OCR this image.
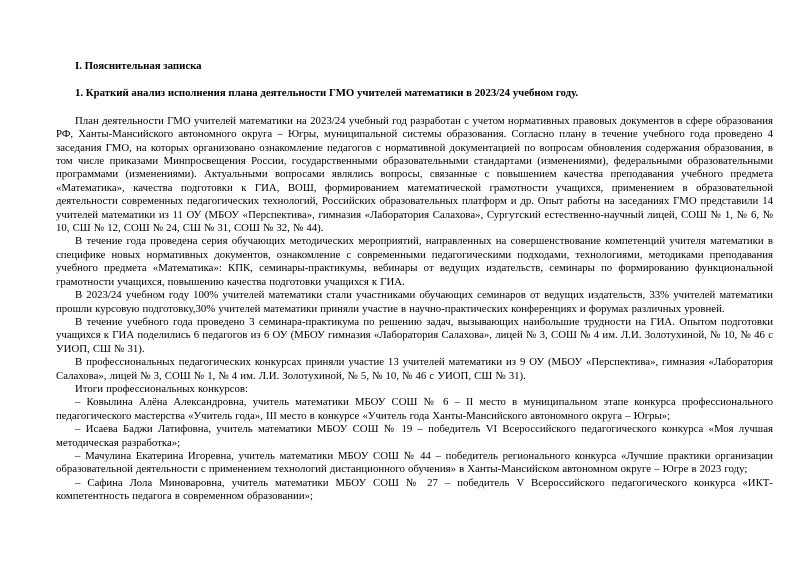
I. Пояснительная записка
1. Краткий анализ исполнения плана деятельности ГМО учителей математики в 2023/24 учебном году.

План деятельности ГМО учителей математики на 2023/24 учебный год разработан с учетом нормативных правовых документов в сфере образования РФ, Ханты-Мансийского автономного округа – Югры, муниципальной системы образования. Согласно плану в течение учебного года проведено 4 заседания ГМО, на которых организовано ознакомление педагогов с нормативной документацией по вопросам обновления содержания образования, в том числе приказами Минпросвещения России, государственными образовательными стандартами (изменениями), федеральными образовательными программами (изменениями). Актуальными вопросами являлись вопросы, связанные с повышением качества преподавания учебного предмета «Математика», качества подготовки к ГИА, ВОШ, формированием математической грамотности учащихся, применением в образовательной деятельности современных педагогических технологий, Российских образовательных платформ и др. Опыт работы на заседаниях ГМО представили 14 учителей математики из 11 ОУ (МБОУ «Перспектива», гимназия «Лаборатория Салахова», Сургутский естественно-научный лицей, СОШ № 1, № 6, № 10, СШ № 12, СОШ № 24, СШ № 31, СОШ № 32, № 44).

В течение года проведена серия обучающих методических мероприятий, направленных на совершенствование компетенций учителя математики в специфике новых нормативных документов, ознакомление с современными педагогическими подходами, технологиями, методиками преподавания учебного предмета «Математика»: КПК, семинары-практикумы, вебинары от ведущих издательств, семинары по формированию функциональной грамотности учащихся, повышению качества подготовки учащихся к ГИА.

В 2023/24 учебном году 100% учителей математики стали участниками обучающих семинаров от ведущих издательств, 33% учителей математики прошли курсовую подготовку,30% учителей математики приняли участие в научно-практических конференциях и форумах различных уровней.

В течение учебного года проведено 3 семинара-практикума по решению задач, вызывающих наибольшие трудности на ГИА. Опытом подготовки учащихся к ГИА поделились 6 педагогов из 6 ОУ (МБОУ гимназия «Лаборатория Салахова», лицей № 3, СОШ № 4 им. Л.И. Золотухиной, № 10, № 46 с УИОП, СШ № 31).

В профессиональных педагогических конкурсах приняли участие 13 учителей математики из 9 ОУ (МБОУ «Перспектива», гимназия «Лаборатория Салахова», лицей № 3, СОШ № 1, № 4 им. Л.И. Золотухиной, № 5, № 10, № 46 с УИОП, СШ № 31).

Итоги профессиональных конкурсов:

– Ковылина Алёна Александровна, учитель математики МБОУ СОШ № 6 – II место в муниципальном этапе конкурса профессионального педагогического мастерства «Учитель года», III место в конкурсе «Учитель года Ханты-Мансийского автономного округа – Югры»;

– Исаева Баджи Латифовна, учитель математики МБОУ СОШ № 19 – победитель VI Всероссийского педагогического конкурса «Моя лучшая методическая разработка»;

– Мачулина Екатерина Игоревна, учитель математики МБОУ СОШ № 44 – победитель регионального конкурса «Лучшие практики организации образовательной деятельности с применением технологий дистанционного обучения» в Ханты-Мансийском автономном округе – Югре в 2023 году;

– Сафина Лола Миноваровна, учитель математики МБОУ СОШ № 27 – победитель V Всероссийского педагогического конкурса «ИКТ-компетентность педагога в современном образовании»;
